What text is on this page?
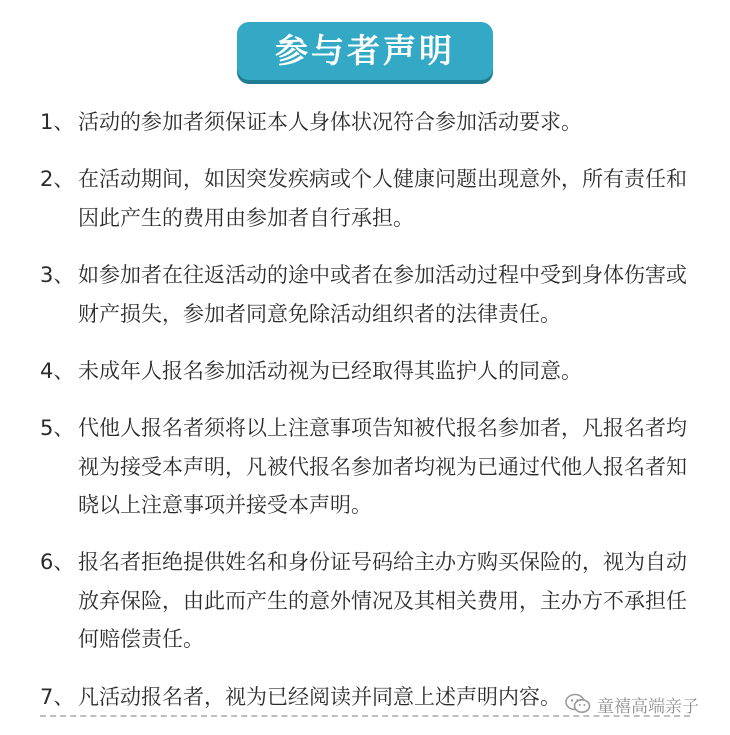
参与者声明
1、 活动的参加者须保证本人身体状况符合参加活动要求。
2、 在活动期间，如因突发疾病或个人健康问题出现意外，所有责任和因此产生的费用由参加者自行承担。
3、 如参加者在往返活动的途中或者在参加活动过程中受到身体伤害或财产损失，参加者同意免除活动组织者的法律责任。
4、 未成年人报名参加活动视为已经取得其监护人的同意。
5、 代他人报名者须将以上注意事项告知被代报名参加者，凡报名者均视为接受本声明，凡被代报名参加者均视为已通过代他人报名者知晓以上注意事项并接受本声明。
6、 报名者拒绝提供姓名和身份证号码给主办方购买保险的，视为自动放弃保险，由此而产生的意外情况及其相关费用，主办方不承担任何赔偿责任。
7、 凡活动报名者，视为已经阅读并同意上述声明内容。	童禧高端亲子
